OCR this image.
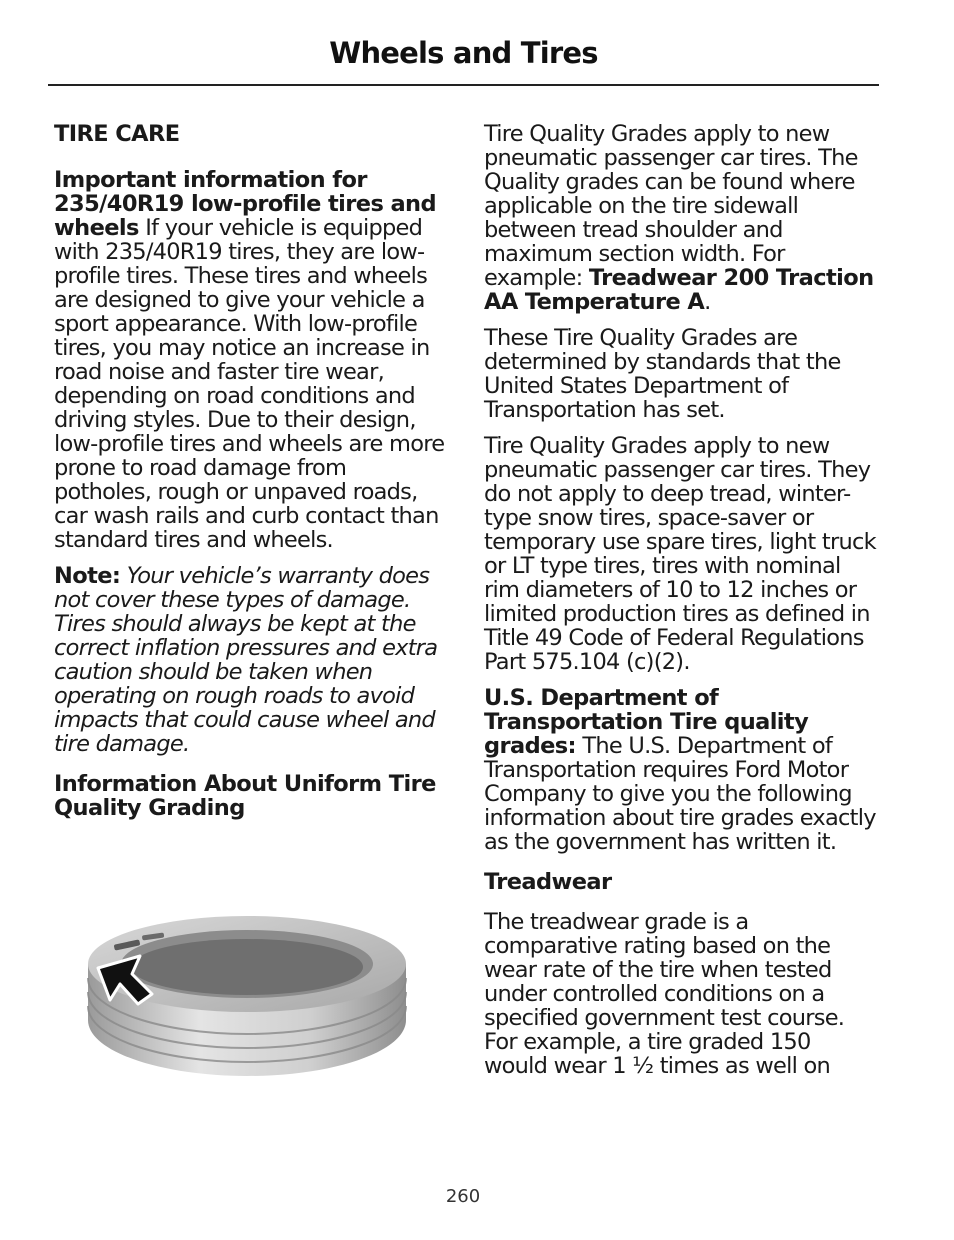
Wheels and Tires
TIRE CARE

Important information for 235/40R19 low-profile tires and wheels If your vehicle is equipped with 235/40R19 tires, they are low-profile tires. These tires and wheels are designed to give your vehicle a sport appearance. With low-profile tires, you may notice an increase in road noise and faster tire wear, depending on road conditions and driving styles. Due to their design, low-profile tires and wheels are more prone to road damage from potholes, rough or unpaved roads, car wash rails and curb contact than standard tires and wheels.

Note: Your vehicle’s warranty does not cover these types of damage. Tires should always be kept at the correct inflation pressures and extra caution should be taken when operating on rough roads to avoid impacts that could cause wheel and tire damage.

Information About Uniform Tire Quality Grading

Tire Quality Grades apply to new pneumatic passenger car tires. The Quality grades can be found where applicable on the tire sidewall between tread shoulder and maximum section width. For example: Treadwear 200 Traction AA Temperature A.

These Tire Quality Grades are determined by standards that the United States Department of Transportation has set.

Tire Quality Grades apply to new pneumatic passenger car tires. They do not apply to deep tread, winter-type snow tires, space-saver or temporary use spare tires, light truck or LT type tires, tires with nominal rim diameters of 10 to 12 inches or limited production tires as defined in Title 49 Code of Federal Regulations Part 575.104 (c)(2).

U.S. Department of Transportation Tire quality grades: The U.S. Department of Transportation requires Ford Motor Company to give you the following information about tire grades exactly as the government has written it.

Treadwear

The treadwear grade is a comparative rating based on the wear rate of the tire when tested under controlled conditions on a specified government test course. For example, a tire graded 150 would wear 1 ½ times as well on

260
